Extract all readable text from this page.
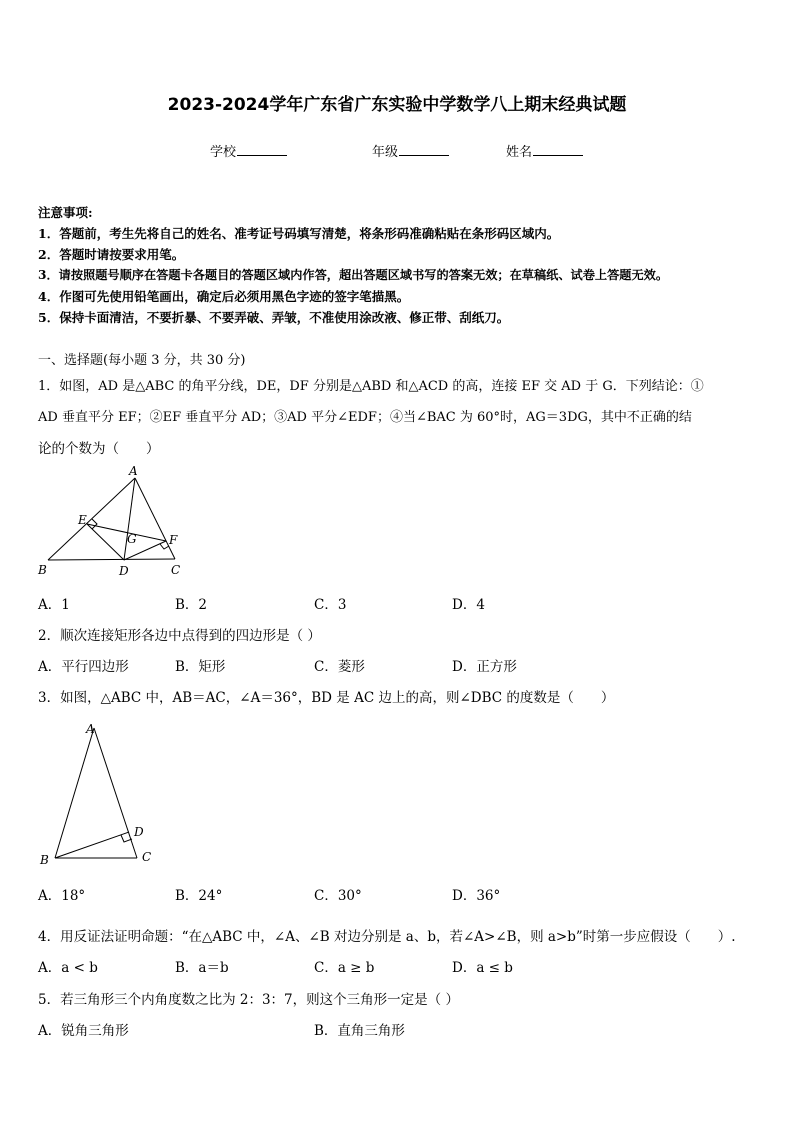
2023-2024学年广东省广东实验中学数学八上期末经典试题
学校	年级	姓名
注意事项:
1．答题前，考生先将自己的姓名、准考证号码填写清楚，将条形码准确粘贴在条形码区域内。
2．答题时请按要求用笔。
3．请按照题号顺序在答题卡各题目的答题区域内作答，超出答题区域书写的答案无效；在草稿纸、试卷上答题无效。
4．作图可先使用铅笔画出，确定后必须用黑色字迹的签字笔描黑。
5．保持卡面清洁，不要折暴、不要弄破、弄皱，不准使用涂改液、修正带、刮纸刀。
一、选择题(每小题 3 分，共 30 分)
1．如图，AD 是△ABC 的角平分线，DE，DF 分别是△ABD 和△ACD 的高，连接 EF 交 AD 于 G．下列结论：①
AD 垂直平分 EF；②EF 垂直平分 AD；③AD 平分∠EDF；④当∠BAC 为 60°时，AG＝3DG，其中不正确的结
论的个数为（　　）
A
B	C
D
E
F
G
A．1	B．2	C．3	D．4
2．顺次连接矩形各边中点得到的四边形是（ ）
A．平行四边形	B．矩形	C．菱形	D．正方形
3．如图，△ABC 中，AB＝AC，∠A＝36°，BD 是 AC 边上的高，则∠DBC 的度数是（　　）
A
B	C
D
A．18°	B．24°	C．30°	D．36°
4．用反证法证明命题：“在△ABC 中，∠A、∠B 对边分别是 a、b，若∠A>∠B，则 a>b”时第一步应假设（　　）.
A．a < b	B．a＝b	C．a ≥ b	D．a ≤ b
5．若三角形三个内角度数之比为 2：3：7，则这个三角形一定是（ ）
A．锐角三角形	B．直角三角形
